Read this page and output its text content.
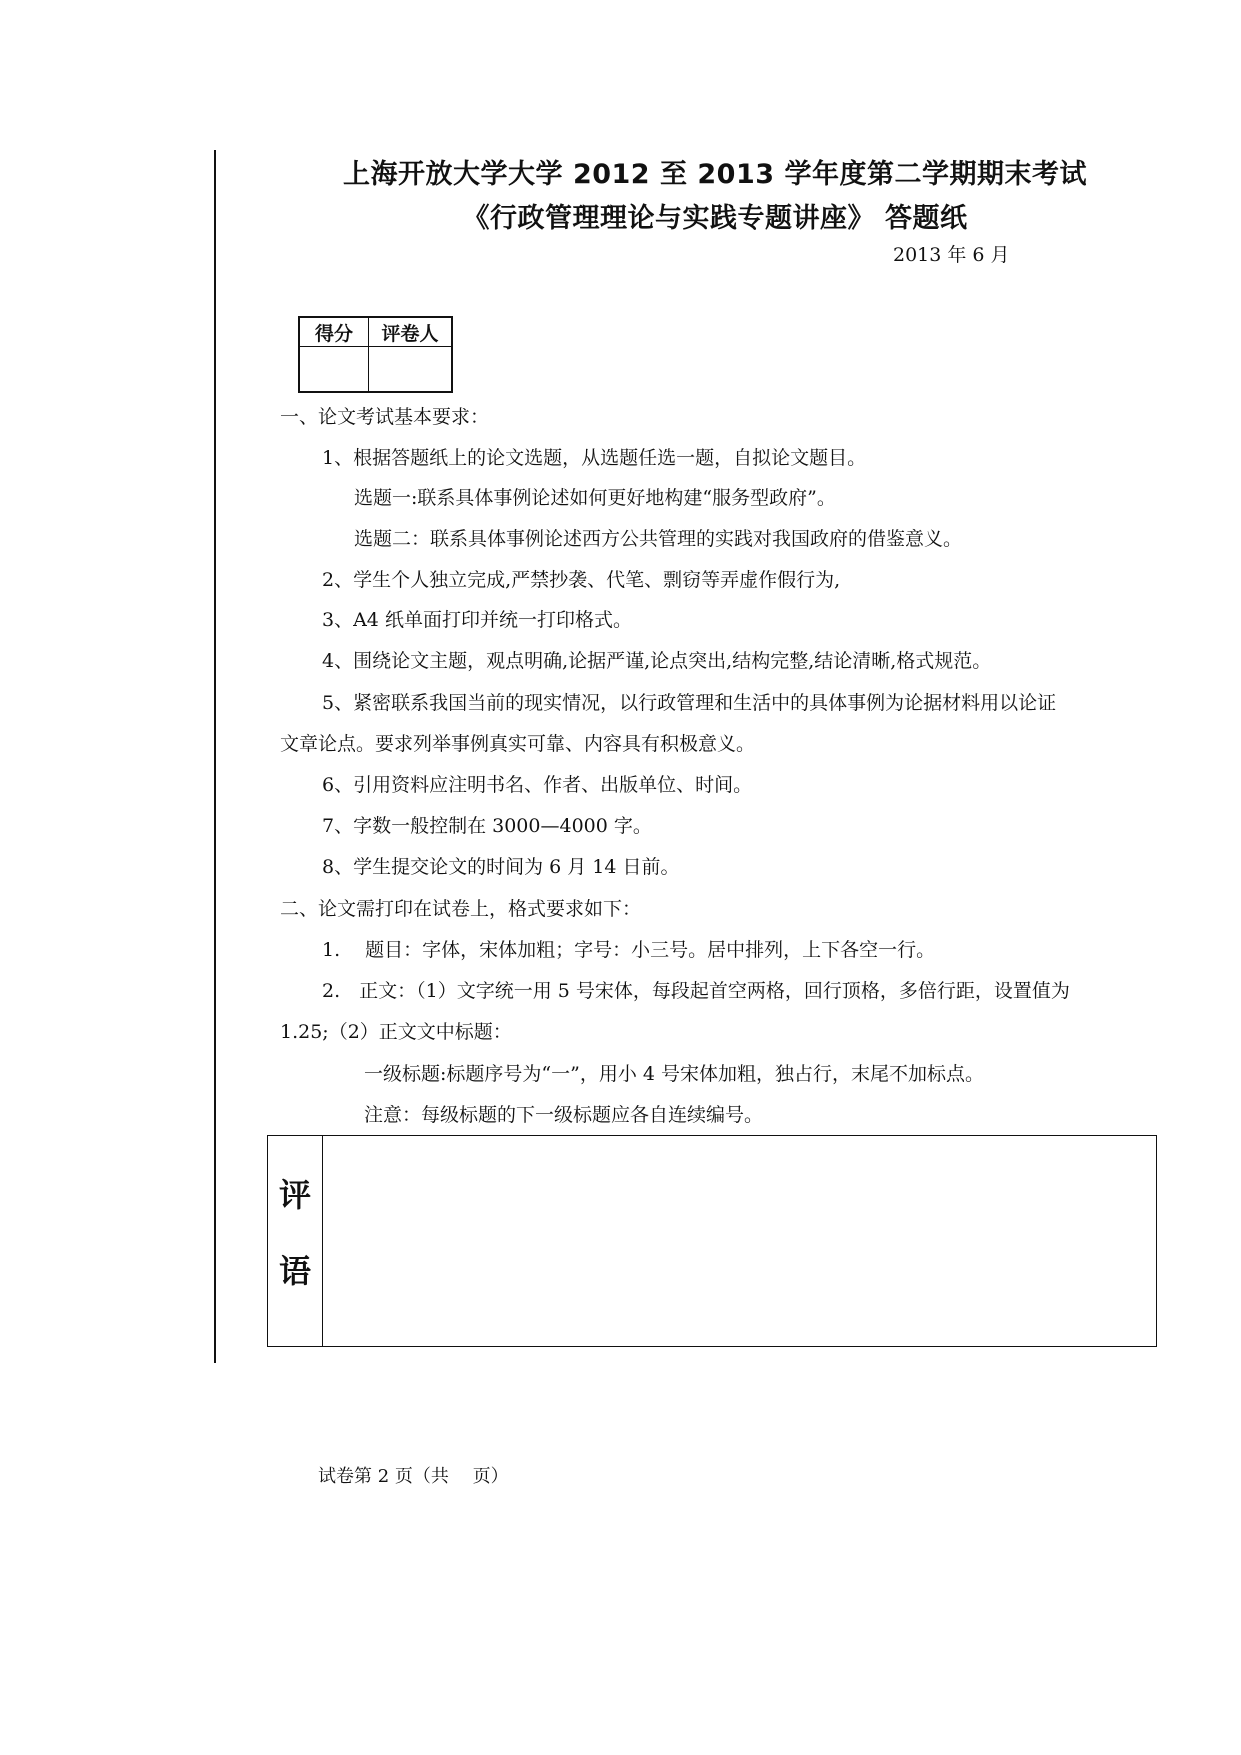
上海开放大学大学 2012 至 2013 学年度第二学期期末考试
《行政管理理论与实践专题讲座》 答题纸
2013 年 6 月
得分	评卷人

一、论文考试基本要求：
1、根据答题纸上的论文选题，从选题任选一题，自拟论文题目。
选题一:联系具体事例论述如何更好地构建“服务型政府”。
选题二：联系具体事例论述西方公共管理的实践对我国政府的借鉴意义。
2、学生个人独立完成,严禁抄袭、代笔、剽窃等弄虚作假行为,
3、A4 纸单面打印并统一打印格式。
4、围绕论文主题，观点明确,论据严谨,论点突出,结构完整,结论清晰,格式规范。
5、紧密联系我国当前的现实情况，以行政管理和生活中的具体事例为论据材料用以论证
文章论点。要求列举事例真实可靠、内容具有积极意义。
6、引用资料应注明书名、作者、出版单位、时间。
7、字数一般控制在 3000—4000 字。
8、学生提交论文的时间为 6 月 14 日前。
二、论文需打印在试卷上，格式要求如下：
1.　 题目：字体，宋体加粗；字号：小三号。居中排列，上下各空一行。
2.　正文：（1）文字统一用 5 号宋体，每段起首空两格，回行顶格，多倍行距，设置值为
1.25;（2）正文文中标题：
一级标题:标题序号为“一”，用小 4 号宋体加粗，独占行，末尾不加标点。
注意：每级标题的下一级标题应各自连续编号。
评
语
试卷第 2 页（共　 页）
